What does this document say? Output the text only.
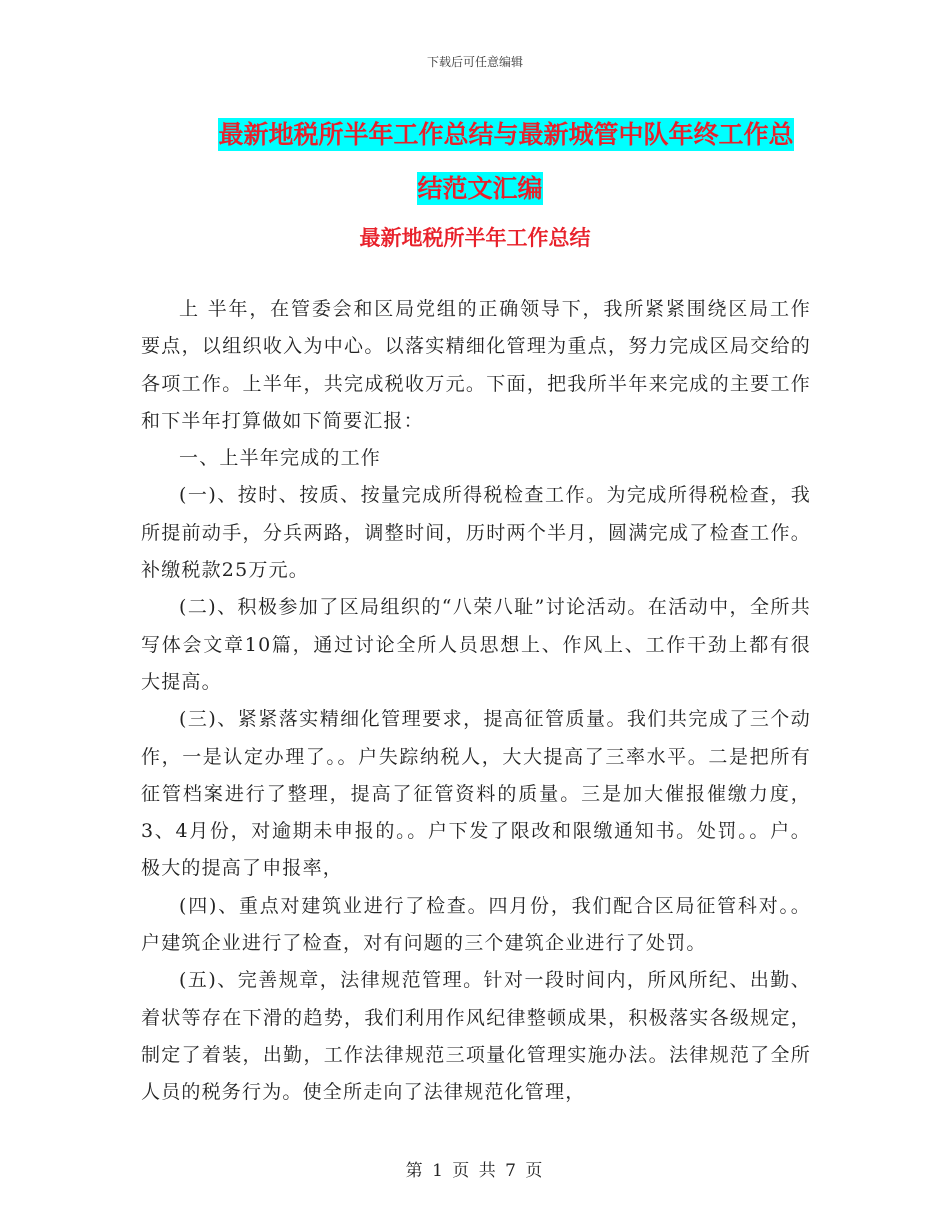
下载后可任意编辑
最新地税所半年工作总结与最新城管中队年终工作总
结范文汇编
最新地税所半年工作总结

上 半年，在管委会和区局党组的正确领导下，我所紧紧围绕区局工作要点，以组织收入为中心。以落实精细化管理为重点，努力完成区局交给的各项工作。上半年，共完成税收万元。下面，把我所半年来完成的主要工作和下半年打算做如下简要汇报：

一、上半年完成的工作

(一)、按时、按质、按量完成所得税检查工作。为完成所得税检查，我所提前动手，分兵两路，调整时间，历时两个半月，圆满完成了检查工作。补缴税款25万元。

(二)、积极参加了区局组织的“八荣八耻”讨论活动。在活动中，全所共写体会文章10篇，通过讨论全所人员思想上、作风上、工作干劲上都有很大提高。

(三)、紧紧落实精细化管理要求，提高征管质量。我们共完成了三个动作，一是认定办理了。。户失踪纳税人，大大提高了三率水平。二是把所有征管档案进行了整理，提高了征管资料的质量。三是加大催报催缴力度，3、4月份，对逾期未申报的。。户下发了限改和限缴通知书。处罚。。户。极大的提高了申报率，

(四)、重点对建筑业进行了检查。四月份，我们配合区局征管科对。。户建筑企业进行了检查，对有问题的三个建筑企业进行了处罚。

(五)、完善规章，法律规范管理。针对一段时间内，所风所纪、出勤、着状等存在下滑的趋势，我们利用作风纪律整顿成果，积极落实各级规定，制定了着装，出勤，工作法律规范三项量化管理实施办法。法律规范了全所人员的税务行为。使全所走向了法律规范化管理，

第 1 页 共 7 页
